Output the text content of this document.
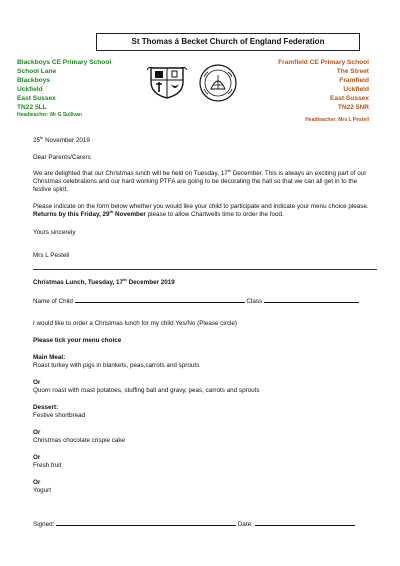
St Thomas á Becket Church of England Federation
Blackboys CE Primary School
School Lane
Blackboys
Uckfield
East Sussex
TN22 5LL
Headteacher: Mr G Sullivan
Framfield CE Primary School
The Street
Framfield
Uckfield
East Sussex
TN22 5NR
Headteacher: Mrs L Pestell
25th November 2019
Dear Parents/Carers
We are delighted that our Christmas lunch will be held on Tuesday, 17th December. This is always an exciting part of our Christmas celebrations and our hard working PTFA are going to be decorating the hall so that we can all get in to the festive spirit.
Please indicate on the form below whether you would like your child to participate and indicate your menu choice please. Returns by this Friday, 29th November please to allow Chartwells time to order the food.
Yours sincerely
Mrs L Pestell
Christmas Lunch, Tuesday, 17th December 2019
Name of Child	Class
I would like to order a Christmas lunch for my child Yes/No (Please circle)
Please tick your menu choice
Main Meal:
Roast turkey with pigs in blankets, peas,carrots and sprouts
Or
Quorn roast with roast potatoes, stuffing ball and gravy, peas, carrots and sprouts
Dessert:
Festive shortbread
Or
Christmas chocolate crispie cake
Or
Fresh fruit
Or
Yogurt
Signed:	Date:
